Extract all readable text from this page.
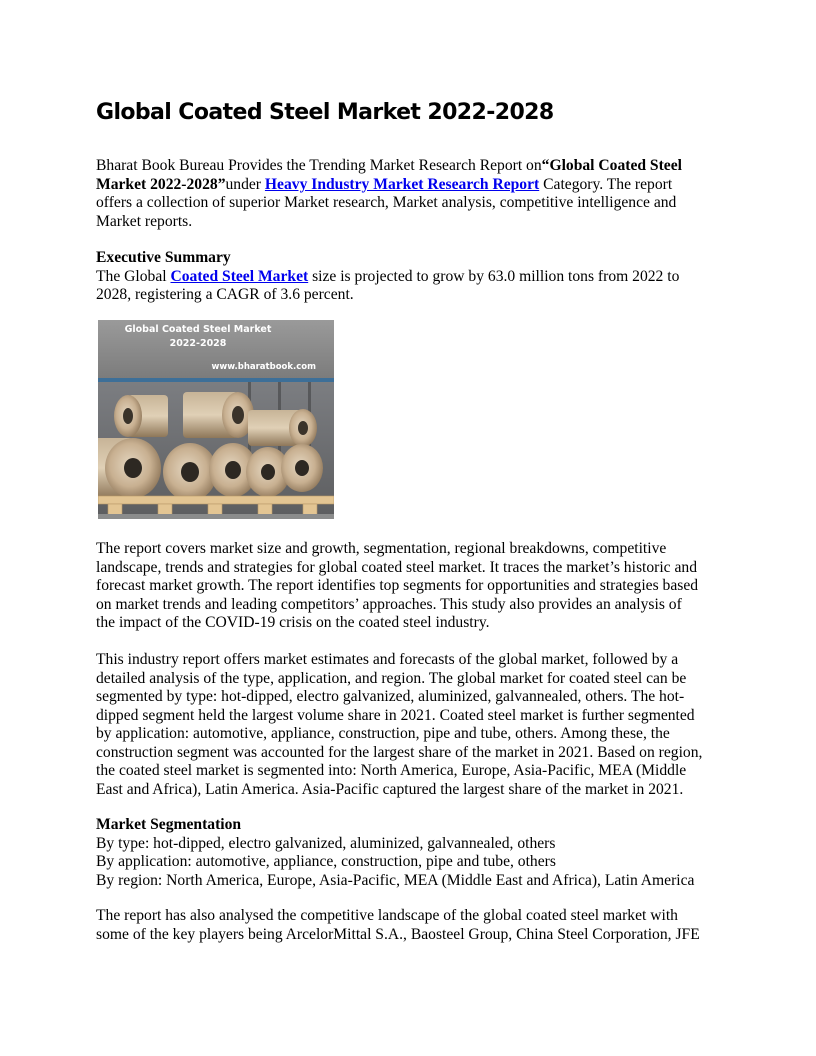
Global Coated Steel Market 2022-2028

Bharat Book Bureau Provides the Trending Market Research Report on“Global Coated Steel
Market 2022-2028”under Heavy Industry Market Research Report Category. The report
offers a collection of superior Market research, Market analysis, competitive intelligence and
Market reports.

Executive Summary
The Global Coated Steel Market size is projected to grow by 63.0 million tons from 2022 to
2028, registering a CAGR of 3.6 percent.

Global Coated Steel Market
2022-2028
www.bharatbook.com

The report covers market size and growth, segmentation, regional breakdowns, competitive
landscape, trends and strategies for global coated steel market. It traces the market’s historic and
forecast market growth. The report identifies top segments for opportunities and strategies based
on market trends and leading competitors’ approaches. This study also provides an analysis of
the impact of the COVID-19 crisis on the coated steel industry.

This industry report offers market estimates and forecasts of the global market, followed by a
detailed analysis of the type, application, and region. The global market for coated steel can be
segmented by type: hot-dipped, electro galvanized, aluminized, galvannealed, others. The hot-
dipped segment held the largest volume share in 2021. Coated steel market is further segmented
by application: automotive, appliance, construction, pipe and tube, others. Among these, the
construction segment was accounted for the largest share of the market in 2021. Based on region,
the coated steel market is segmented into: North America, Europe, Asia-Pacific, MEA (Middle
East and Africa), Latin America. Asia-Pacific captured the largest share of the market in 2021.

Market Segmentation
By type: hot-dipped, electro galvanized, aluminized, galvannealed, others
By application: automotive, appliance, construction, pipe and tube, others
By region: North America, Europe, Asia-Pacific, MEA (Middle East and Africa), Latin America

The report has also analysed the competitive landscape of the global coated steel market with
some of the key players being ArcelorMittal S.A., Baosteel Group, China Steel Corporation, JFE
